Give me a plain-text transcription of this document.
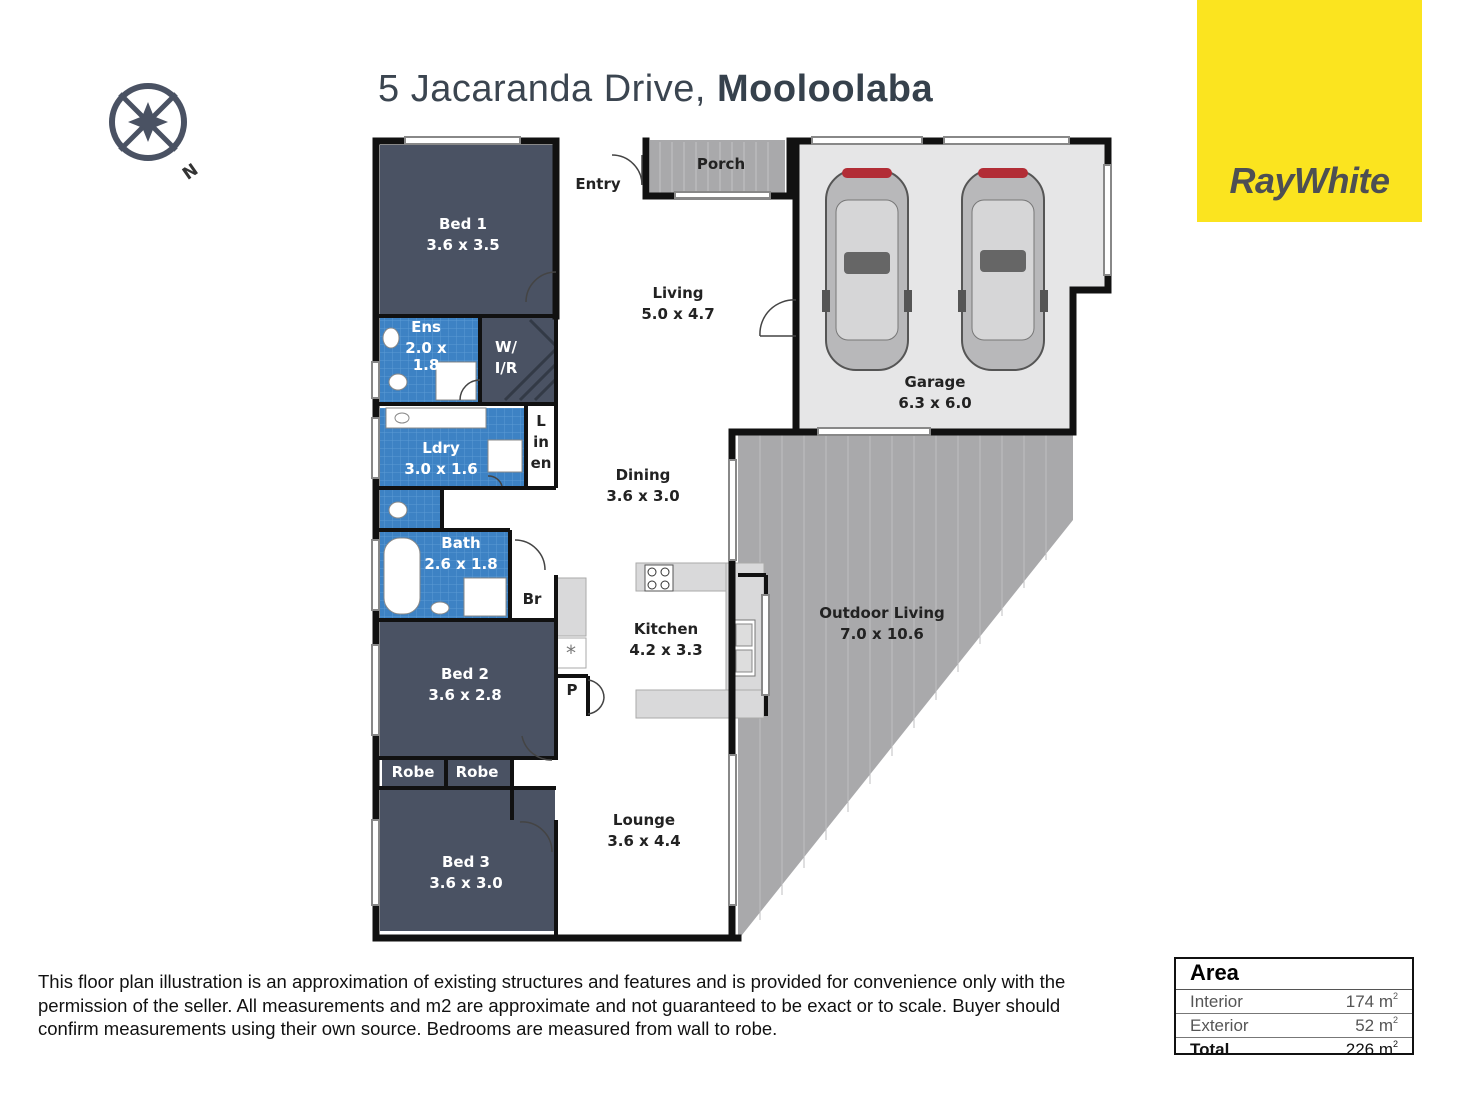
5 Jacaranda Drive, Mooloolaba
RayWhite
N
*
Bed 1
3.6 x 3.5
Ens
2.0 x
1.8
W/
I/R
Ldry
3.0 x 1.6
L
in
en
Bath
2.6 x 1.8
Br
Bed 2
3.6 x 2.8
Robe Robe
Bed 3
3.6 x 3.0
Entry
Porch
Living
5.0 x 4.7
Dining
3.6 x 3.0
Kitchen
4.2 x 3.3
P
Lounge
3.6 x 4.4
Garage
6.3 x 6.0
Outdoor Living
7.0 x 10.6
This floor plan illustration is an approximation of existing structures and features and is provided for convenience only with the permission of the seller. All measurements and m2 are approximate and not guaranteed to be exact or to scale. Buyer should confirm measurements using their own source. Bedrooms are measured from wall to robe.
Area
Interior	174 $m^2$
Exterior	52 $m^2$
Total	226 $m^2$
